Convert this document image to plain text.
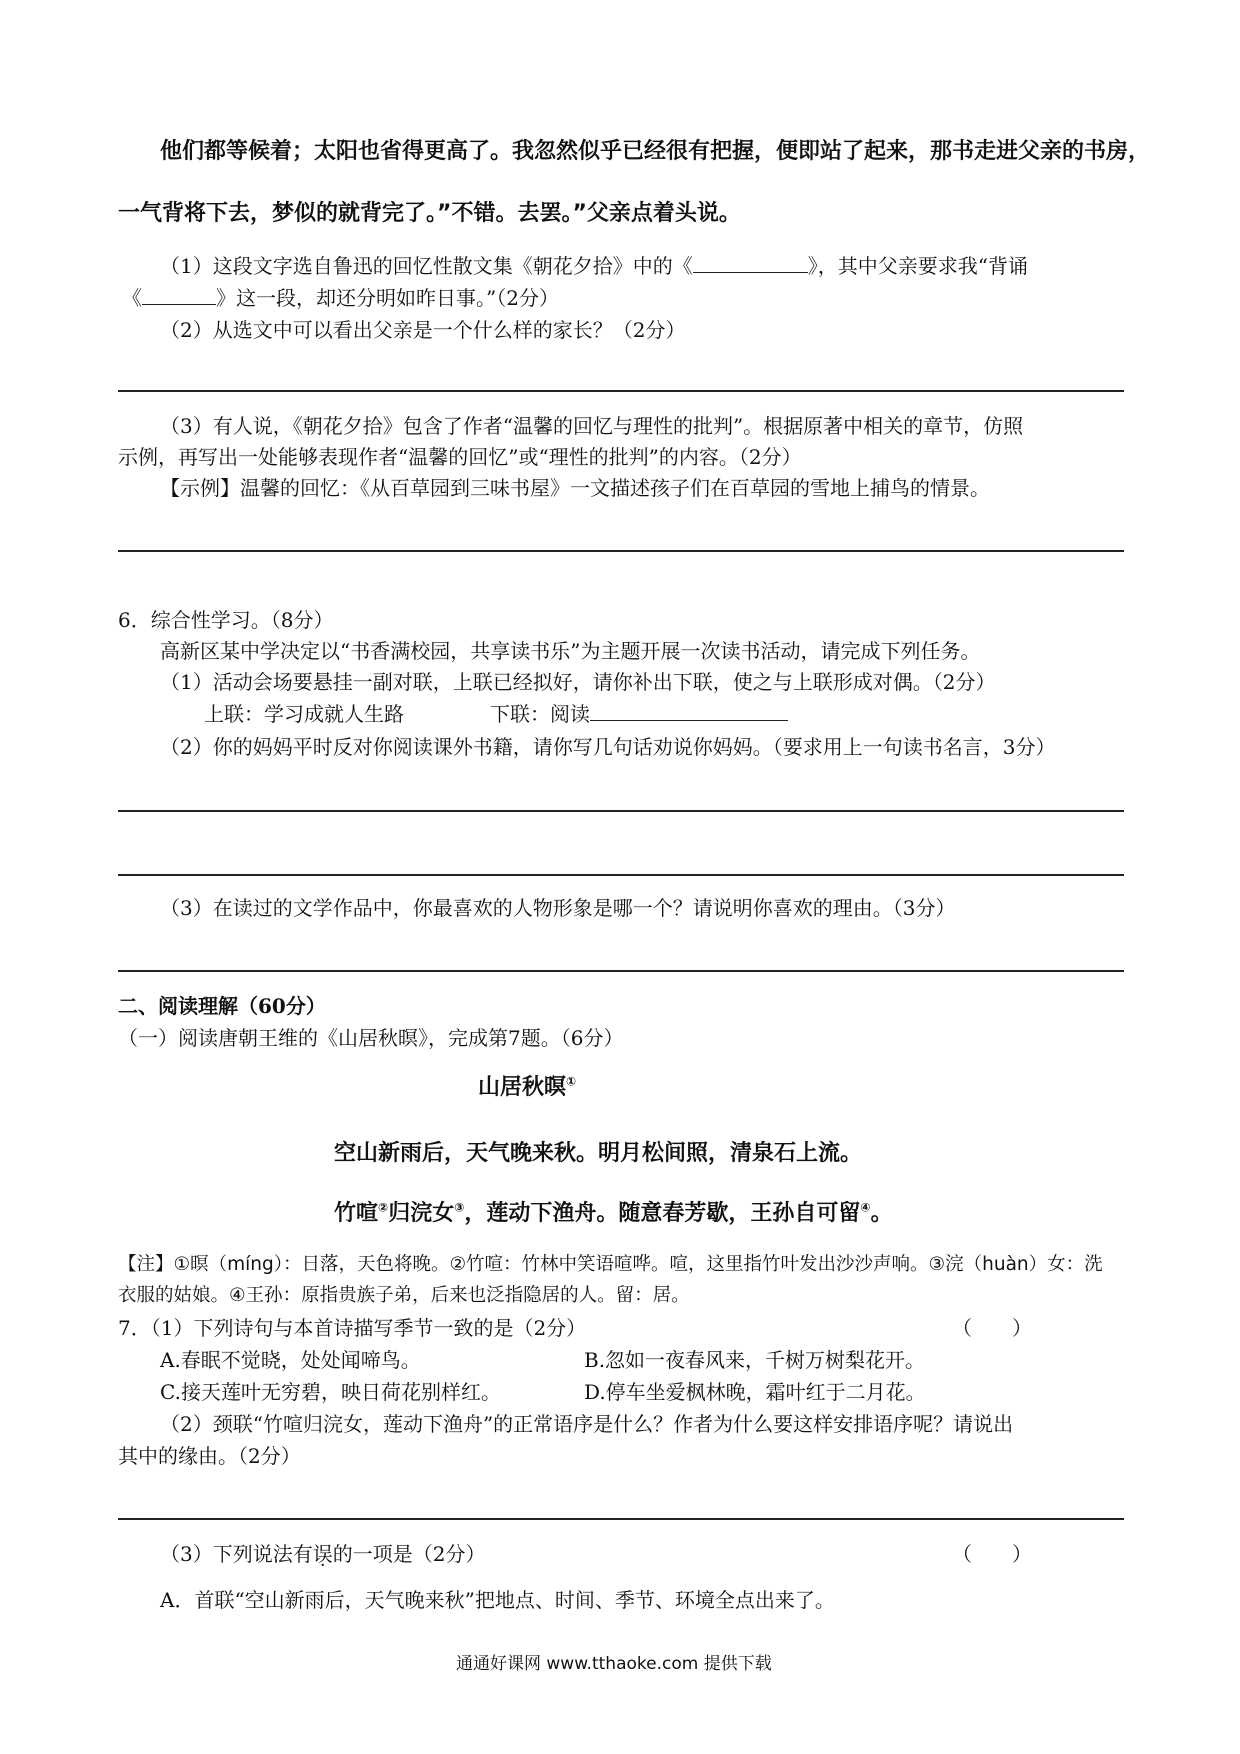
他们都等候着；太阳也省得更高了。我忽然似乎已经很有把握，便即站了起来，那书走进父亲的书房，
一气背将下去，梦似的就背完了。”不错。去罢。”父亲点着头说。
（1）这段文字选自鲁迅的回忆性散文集《朝花夕拾》中的《	》，其中父亲要求我“背诵
《	》这一段，却还分明如昨日事。”（2分）
（2）从选文中可以看出父亲是一个什么样的家长？（2分）
（3）有人说，《朝花夕拾》包含了作者“温馨的回忆与理性的批判”。根据原著中相关的章节，仿照
示例，再写出一处能够表现作者“温馨的回忆”或“理性的批判”的内容。（2分）
【示例】温馨的回忆：《从百草园到三味书屋》一文描述孩子们在百草园的雪地上捕鸟的情景。
6．综合性学习。（8分）
高新区某中学决定以“书香满校园，共享读书乐”为主题开展一次读书活动，请完成下列任务。
（1）活动会场要悬挂一副对联，上联已经拟好，请你补出下联，使之与上联形成对偶。（2分）
上联：学习成就人生路	下联：阅读
（2）你的妈妈平时反对你阅读课外书籍，请你写几句话劝说你妈妈。（要求用上一句读书名言，3分）
（3）在读过的文学作品中，你最喜欢的人物形象是哪一个？请说明你喜欢的理由。（3分）
二、阅读理解（60分）
（一）阅读唐朝王维的《山居秋暝》，完成第7题。（6分）
山居秋暝①
空山新雨后，天气晚来秋。明月松间照，清泉石上流。
竹喧②归浣女③，莲动下渔舟。随意春芳歇，王孙自可留④。
【注】①暝（míng）：日落，天色将晚。②竹喧：竹林中笑语喧哗。喧，这里指竹叶发出沙沙声响。③浣（huàn）女：洗
衣服的姑娘。④王孙：原指贵族子弟，后来也泛指隐居的人。留：居。
7．（1）下列诗句与本首诗描写季节一致的是（2分）	（　　）
A.春眠不觉晓，处处闻啼鸟。	B.忽如一夜春风来，千树万树梨花开。
C.接天莲叶无穷碧，映日荷花别样红。	D.停车坐爱枫林晚，霜叶红于二月花。
（2）颈联“竹喧归浣女，莲动下渔舟”的正常语序是什么？作者为什么要这样安排语序呢？请说出
其中的缘由。（2分）
（3）下列说法有误的一项是（2分）	（　　）
A．首联“空山新雨后，天气晚来秋”把地点、时间、季节、环境全点出来了。
通通好课网 www.tthaoke.com 提供下载
